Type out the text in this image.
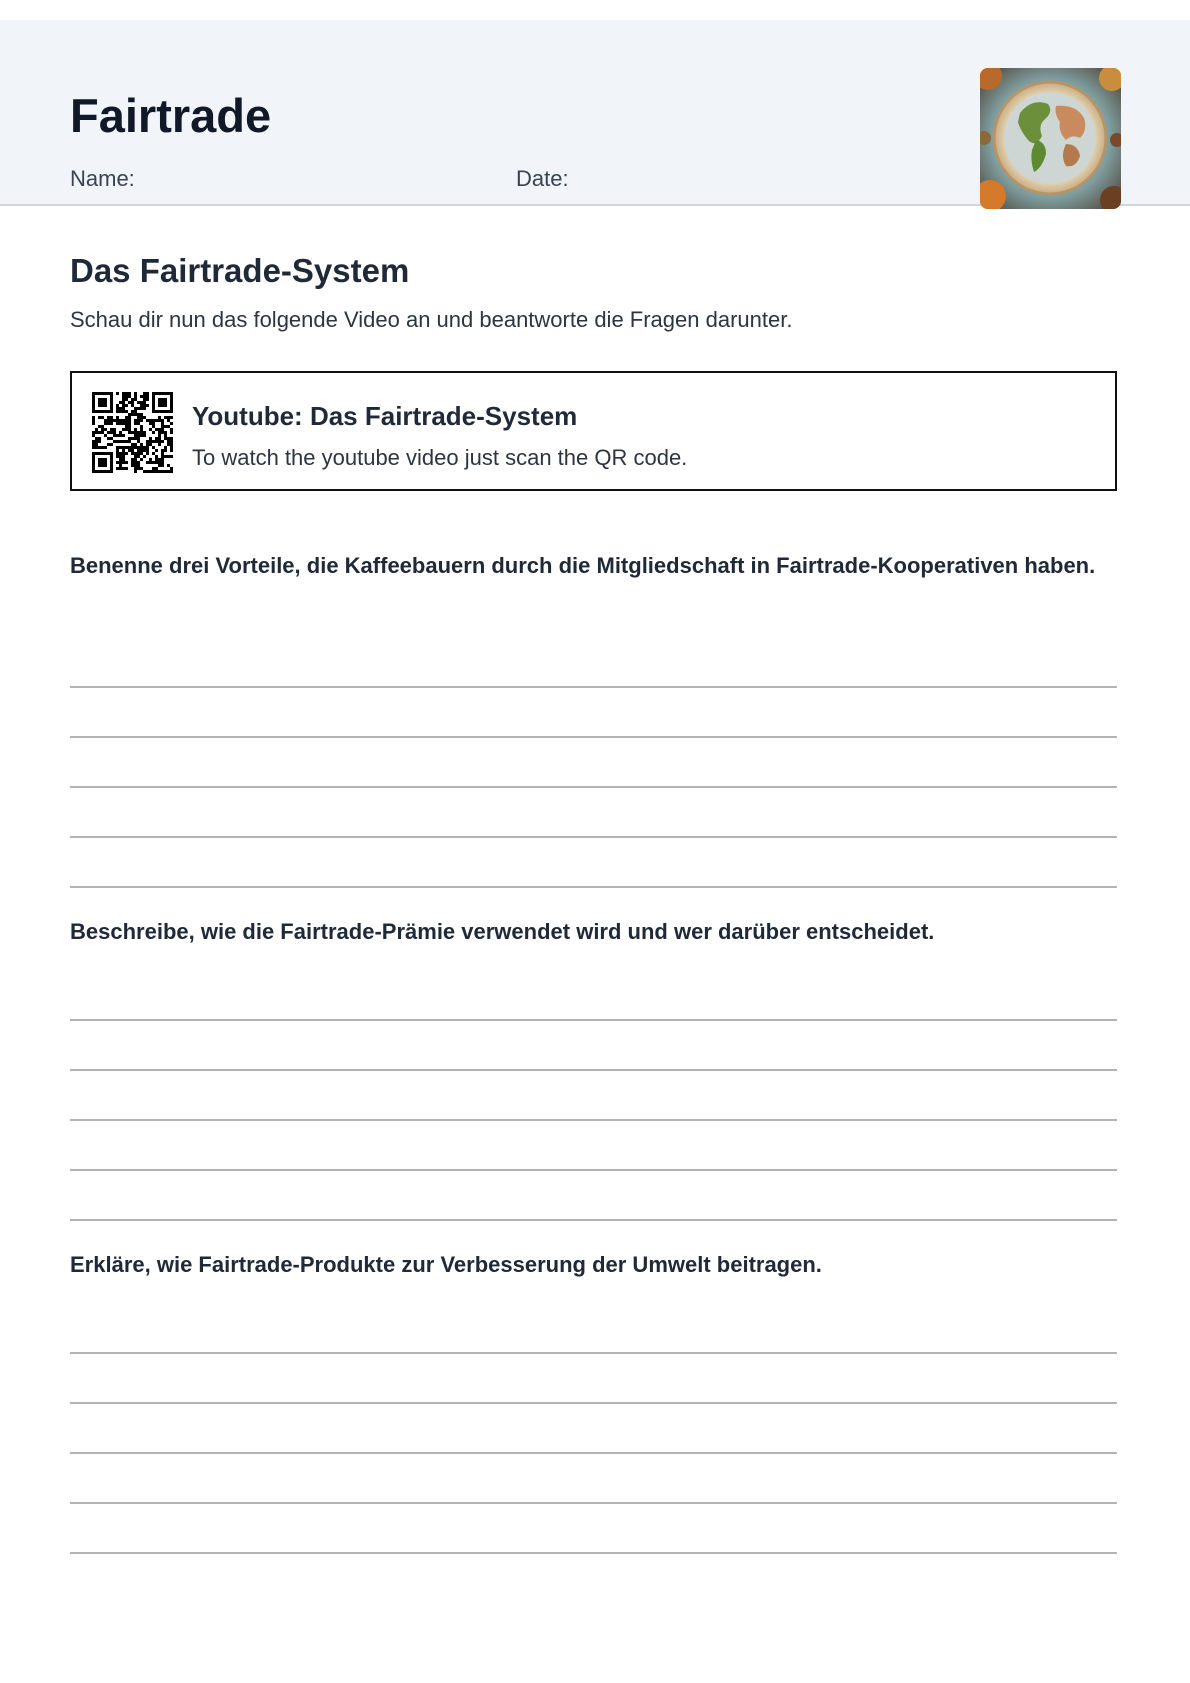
Fairtrade
Name:	Date:
Das Fairtrade-System
Schau dir nun das folgende Video an und beantworte die Fragen darunter.
Youtube: Das Fairtrade-System
To watch the youtube video just scan the QR code.

Benenne drei Vorteile, die Kaffeebauern durch die Mitgliedschaft in Fairtrade-Kooperativen haben.

Beschreibe, wie die Fairtrade-Prämie verwendet wird und wer darüber entscheidet.

Erkläre, wie Fairtrade-Produkte zur Verbesserung der Umwelt beitragen.
